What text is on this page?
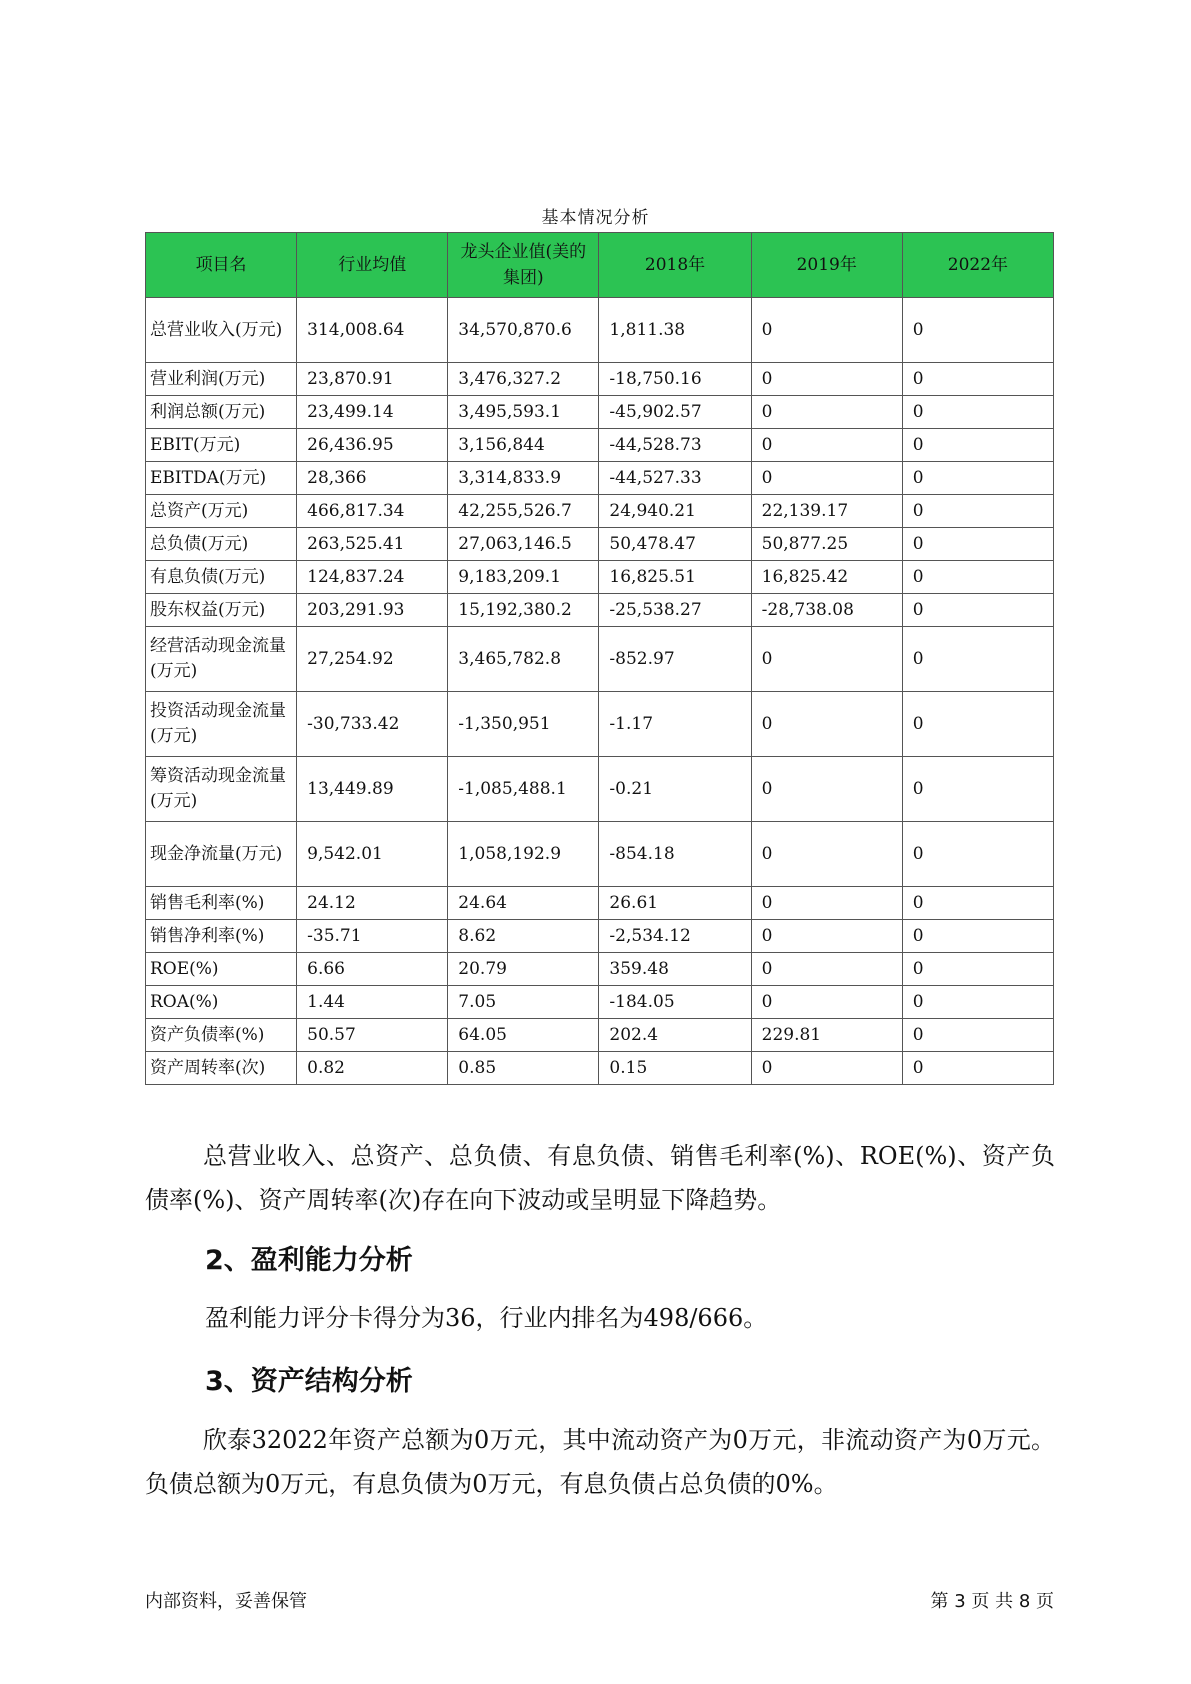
基本情况分析
项目名	行业均值	龙头企业值(美的集团)	2018年	2019年	2022年
总营业收入(万元)	314,008.64	34,570,870.6	1,811.38	0	0
营业利润(万元)	23,870.91	3,476,327.2	-18,750.16	0	0
利润总额(万元)	23,499.14	3,495,593.1	-45,902.57	0	0
EBIT(万元)	26,436.95	3,156,844	-44,528.73	0	0
EBITDA(万元)	28,366	3,314,833.9	-44,527.33	0	0
总资产(万元)	466,817.34	42,255,526.7	24,940.21	22,139.17	0
总负债(万元)	263,525.41	27,063,146.5	50,478.47	50,877.25	0
有息负债(万元)	124,837.24	9,183,209.1	16,825.51	16,825.42	0
股东权益(万元)	203,291.93	15,192,380.2	-25,538.27	-28,738.08	0
经营活动现金流量(万元)	27,254.92	3,465,782.8	-852.97	0	0
投资活动现金流量(万元)	-30,733.42	-1,350,951	-1.17	0	0
筹资活动现金流量(万元)	13,449.89	-1,085,488.1	-0.21	0	0
现金净流量(万元)	9,542.01	1,058,192.9	-854.18	0	0
销售毛利率(%)	24.12	24.64	26.61	0	0
销售净利率(%)	-35.71	8.62	-2,534.12	0	0
ROE(%)	6.66	20.79	359.48	0	0
ROA(%)	1.44	7.05	-184.05	0	0
资产负债率(%)	50.57	64.05	202.4	229.81	0
资产周转率(次)	0.82	0.85	0.15	0	0
总营业收入、总资产、总负债、有息负债、销售毛利率(%)、ROE(%)、资产负债率(%)、资产周转率(次)存在向下波动或呈明显下降趋势。
2、盈利能力分析
盈利能力评分卡得分为36，行业内排名为498/666。
3、资产结构分析
欣泰32022年资产总额为0万元，其中流动资产为0万元，非流动资产为0万元。负债总额为0万元，有息负债为0万元，有息负债占总负债的0%。
内部资料，妥善保管	第 3 页 共 8 页
